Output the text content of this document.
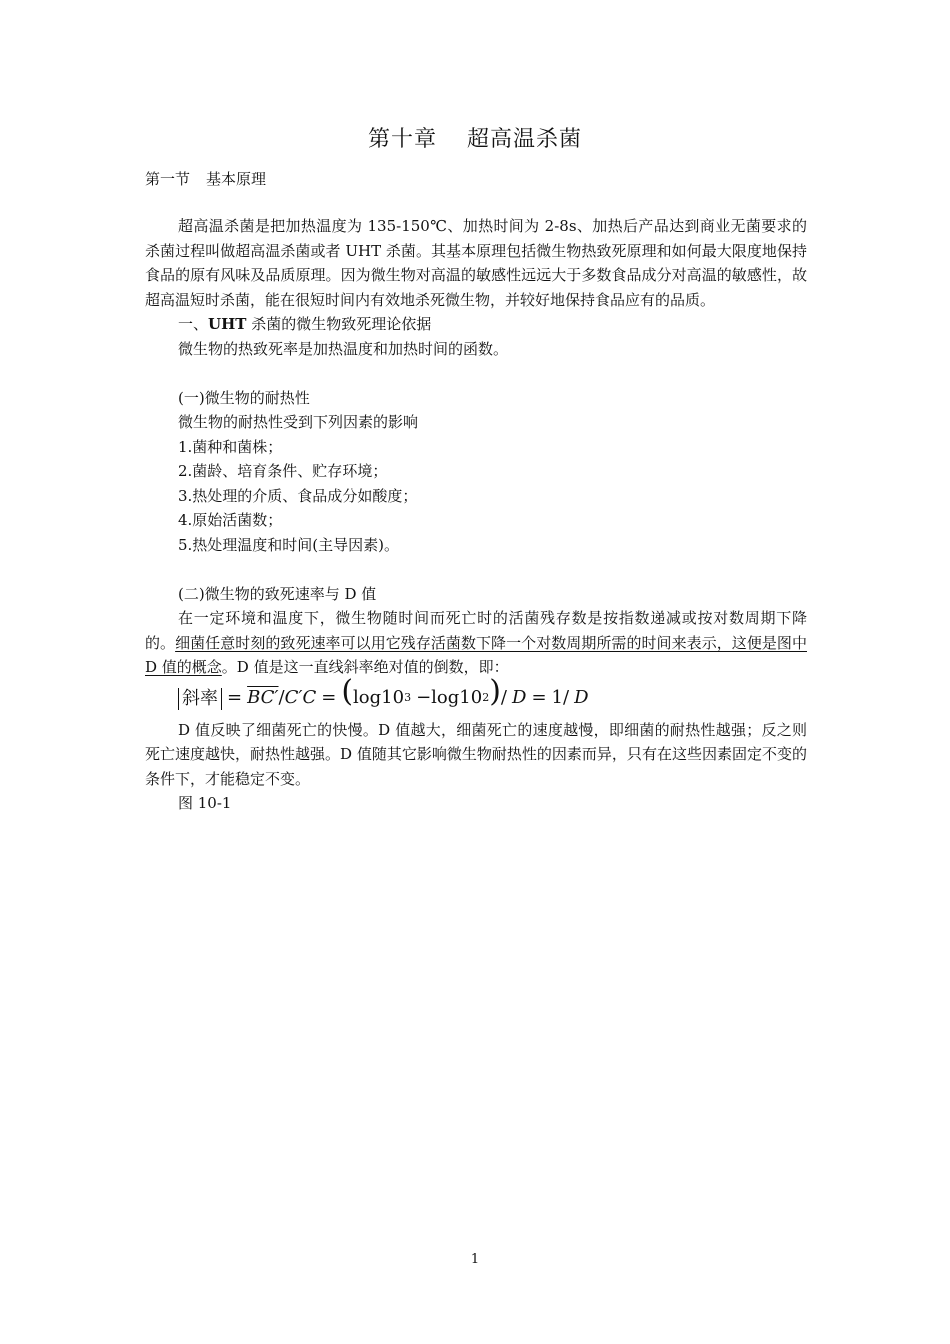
第十章 超高温杀菌
第一节 基本原理

超高温杀菌是把加热温度为 135-150℃、加热时间为 2-8s、加热后产品达到商业无菌要求的杀菌过程叫做超高温杀菌或者 UHT 杀菌。其基本原理包括微生物热致死原理和如何最大限度地保持食品的原有风味及品质原理。因为微生物对高温的敏感性远远大于多数食品成分对高温的敏感性，故超高温短时杀菌，能在很短时间内有效地杀死微生物，并较好地保持食品应有的品质。

一、UHT 杀菌的微生物致死理论依据

微生物的热致死率是加热温度和加热时间的函数。

(一)微生物的耐热性

微生物的耐热性受到下列因素的影响

1.菌种和菌株；

2.菌龄、培育条件、贮存环境；

3.热处理的介质、食品成分如酸度；

4.原始活菌数；

5.热处理温度和时间(主导因素)。

(二)微生物的致死速率与 D 值

在一定环境和温度下，微生物随时间而死亡时的活菌残存数是按指数递减或按对数周期下降的。细菌任意时刻的致死速率可以用它残存活菌数下降一个对数周期所需的时间来表示，这便是图中 D 值的概念。D 值是这一直线斜率绝对值的倒数，即：

斜率 = BC′ / C′C = ( log10 3 − log10 2 ) / D = 1 / D

D 值反映了细菌死亡的快慢。D 值越大，细菌死亡的速度越慢，即细菌的耐热性越强；反之则死亡速度越快，耐热性越强。D 值随其它影响微生物耐热性的因素而异，只有在这些因素固定不变的条件下，才能稳定不变。

图 10-1

1
